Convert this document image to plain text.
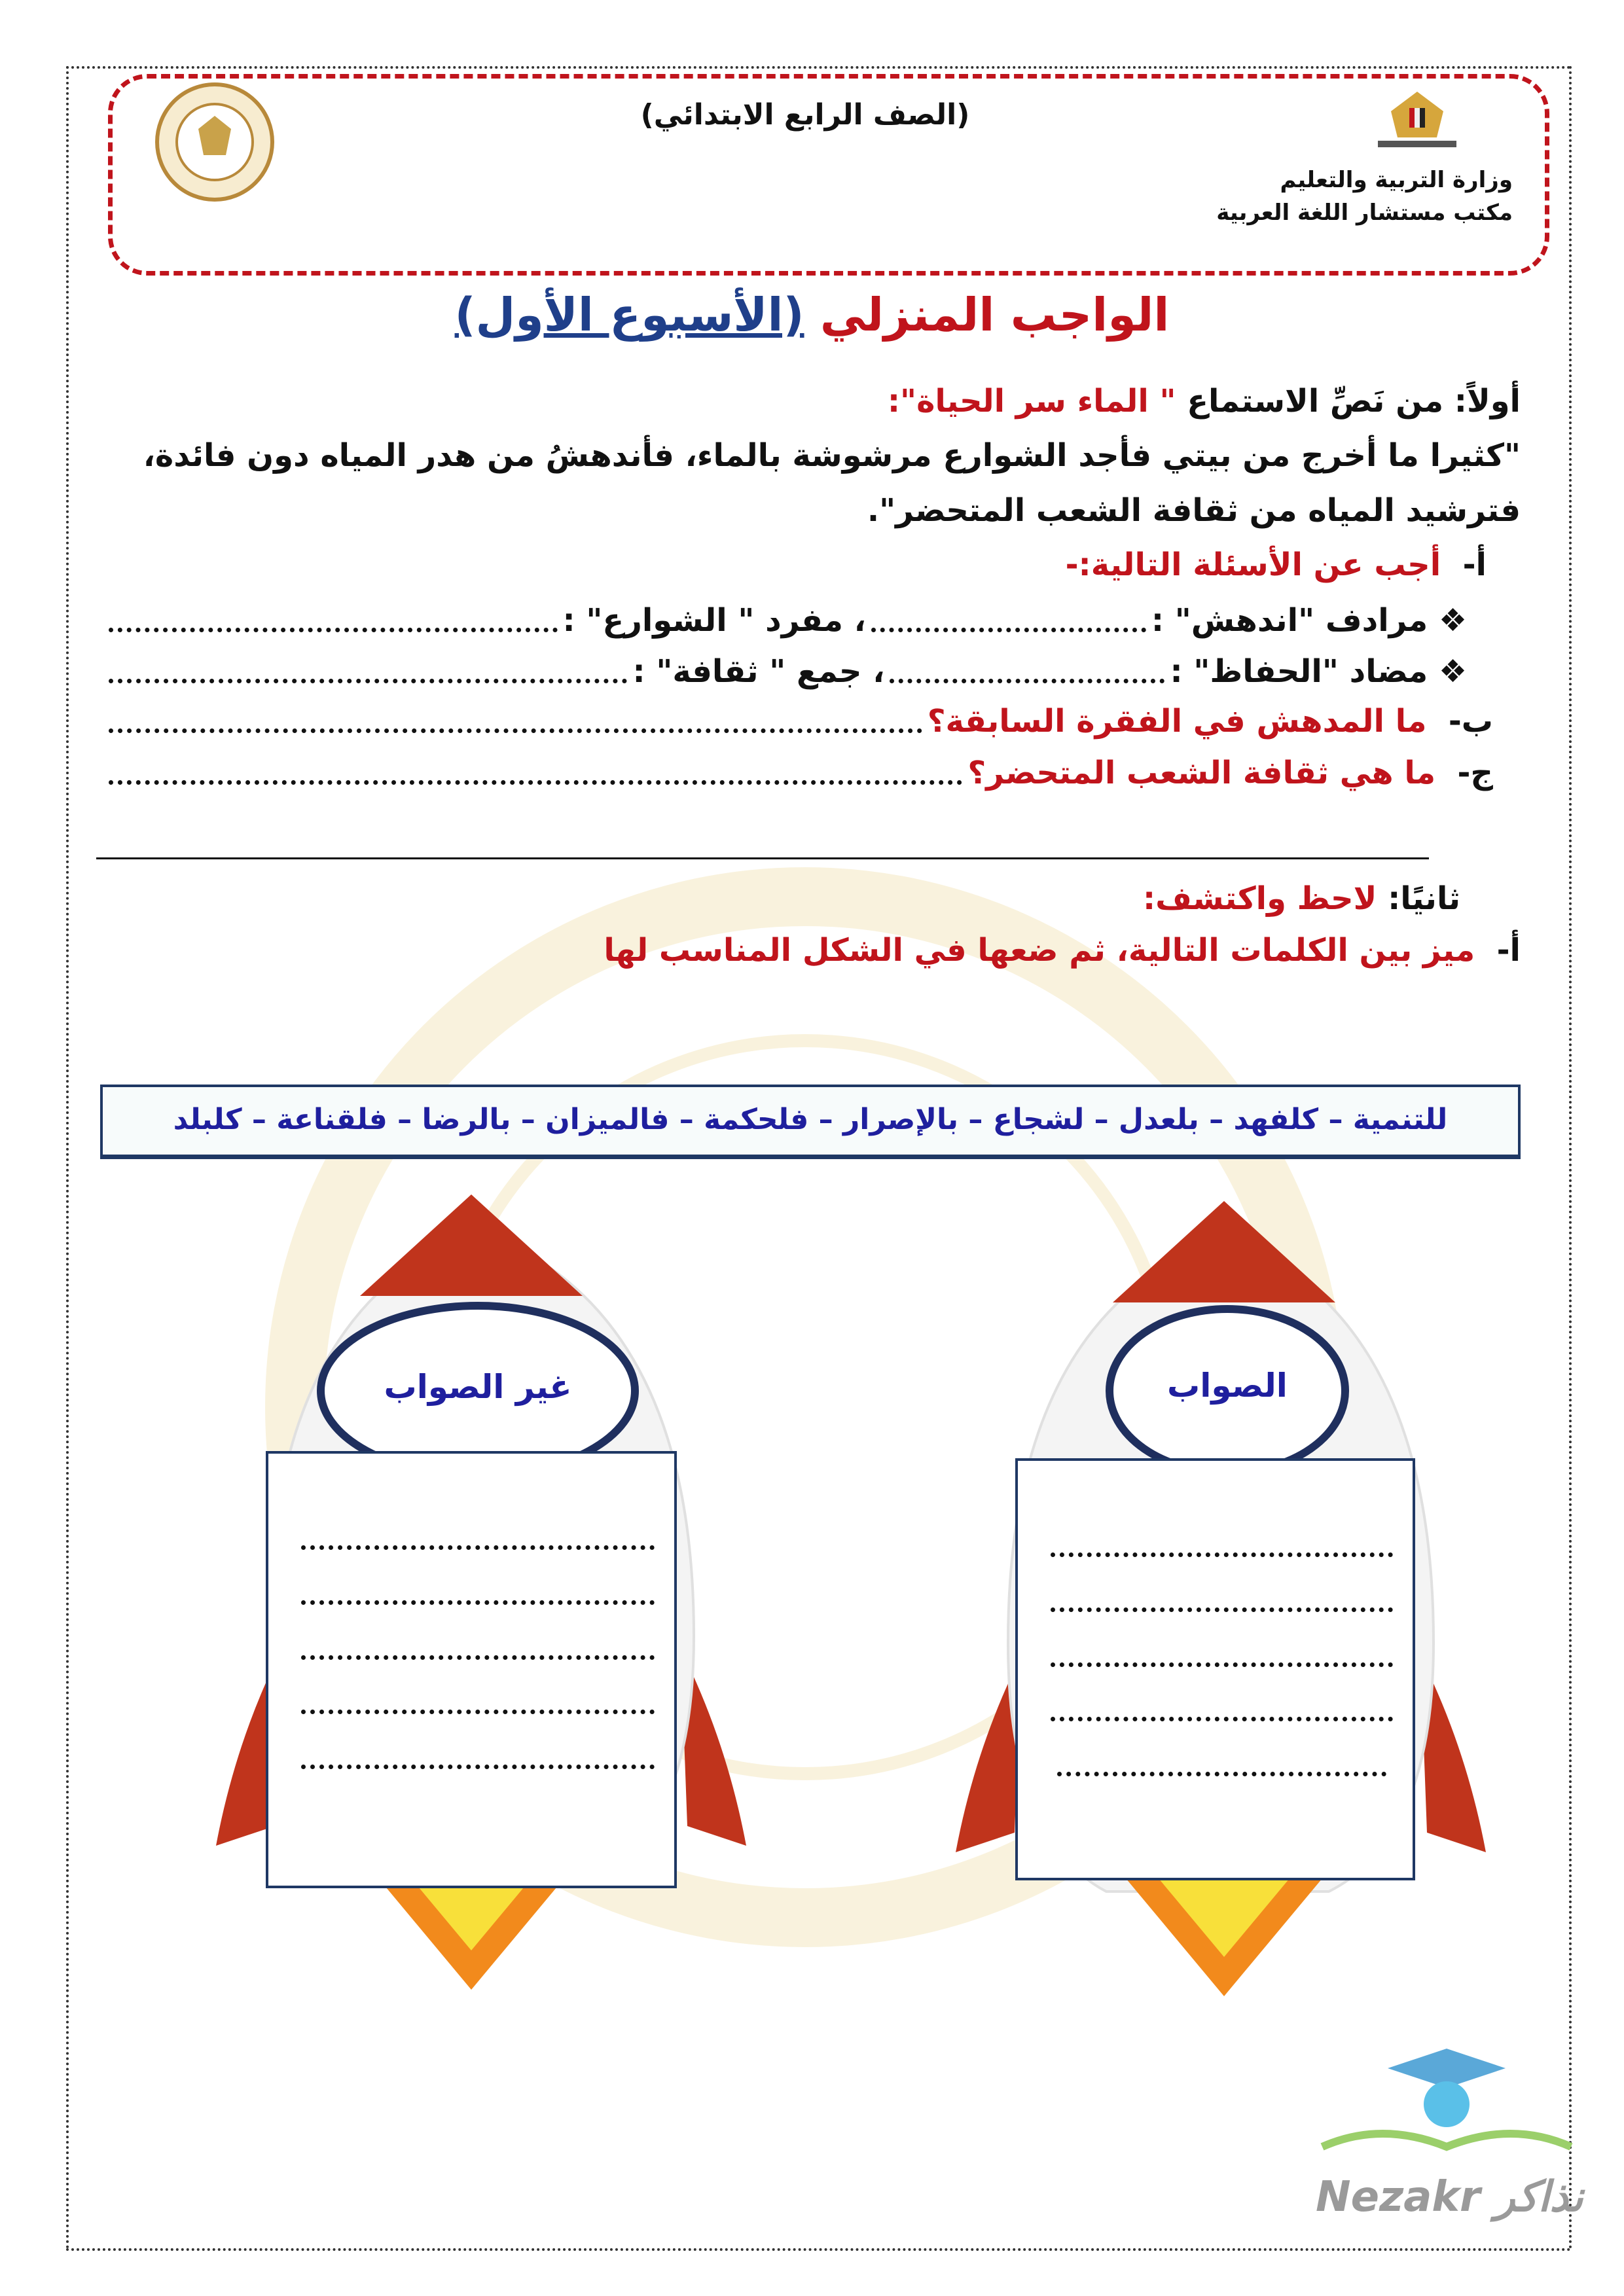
(الصف الرابع الابتدائي)
وزارة التربية والتعليم
مكتب مستشار اللغة العربية
الواجب المنزلي (الأسبوع الأول)
أولاً: من نَصِّ الاستماع

" الماء سر الحياة":
"كثيرا ما أخرج من بيتي فأجد الشوارع مرشوشة بالماء، فأندهشُ من هدر المياه دون فائدة،
فترشيد المياه من ثقافة الشعب المتحضر".
أ-

أجب عن الأسئلة التالية:-
❖ مرادف "اندهش" :
، مفرد " الشوارع" :
❖ مضاد "الحفاظ" :
، جمع " ثقافة" :
ب-

ما المدهش في الفقرة السابقة؟
ج-

ما هي ثقافة الشعب المتحضر؟
ثانيًا:

لاحظ واكتشف:
أ-

ميز بين الكلمات التالية، ثم ضعها في الشكل المناسب لها
للتنمية – كلفهد – بلعدل – لشجاع – بالإصرار – فلحكمة – فالميزان – بالرضا – فلقناعة – كلبلد
غير الصواب	الصواب
Nezakr نذاكر
